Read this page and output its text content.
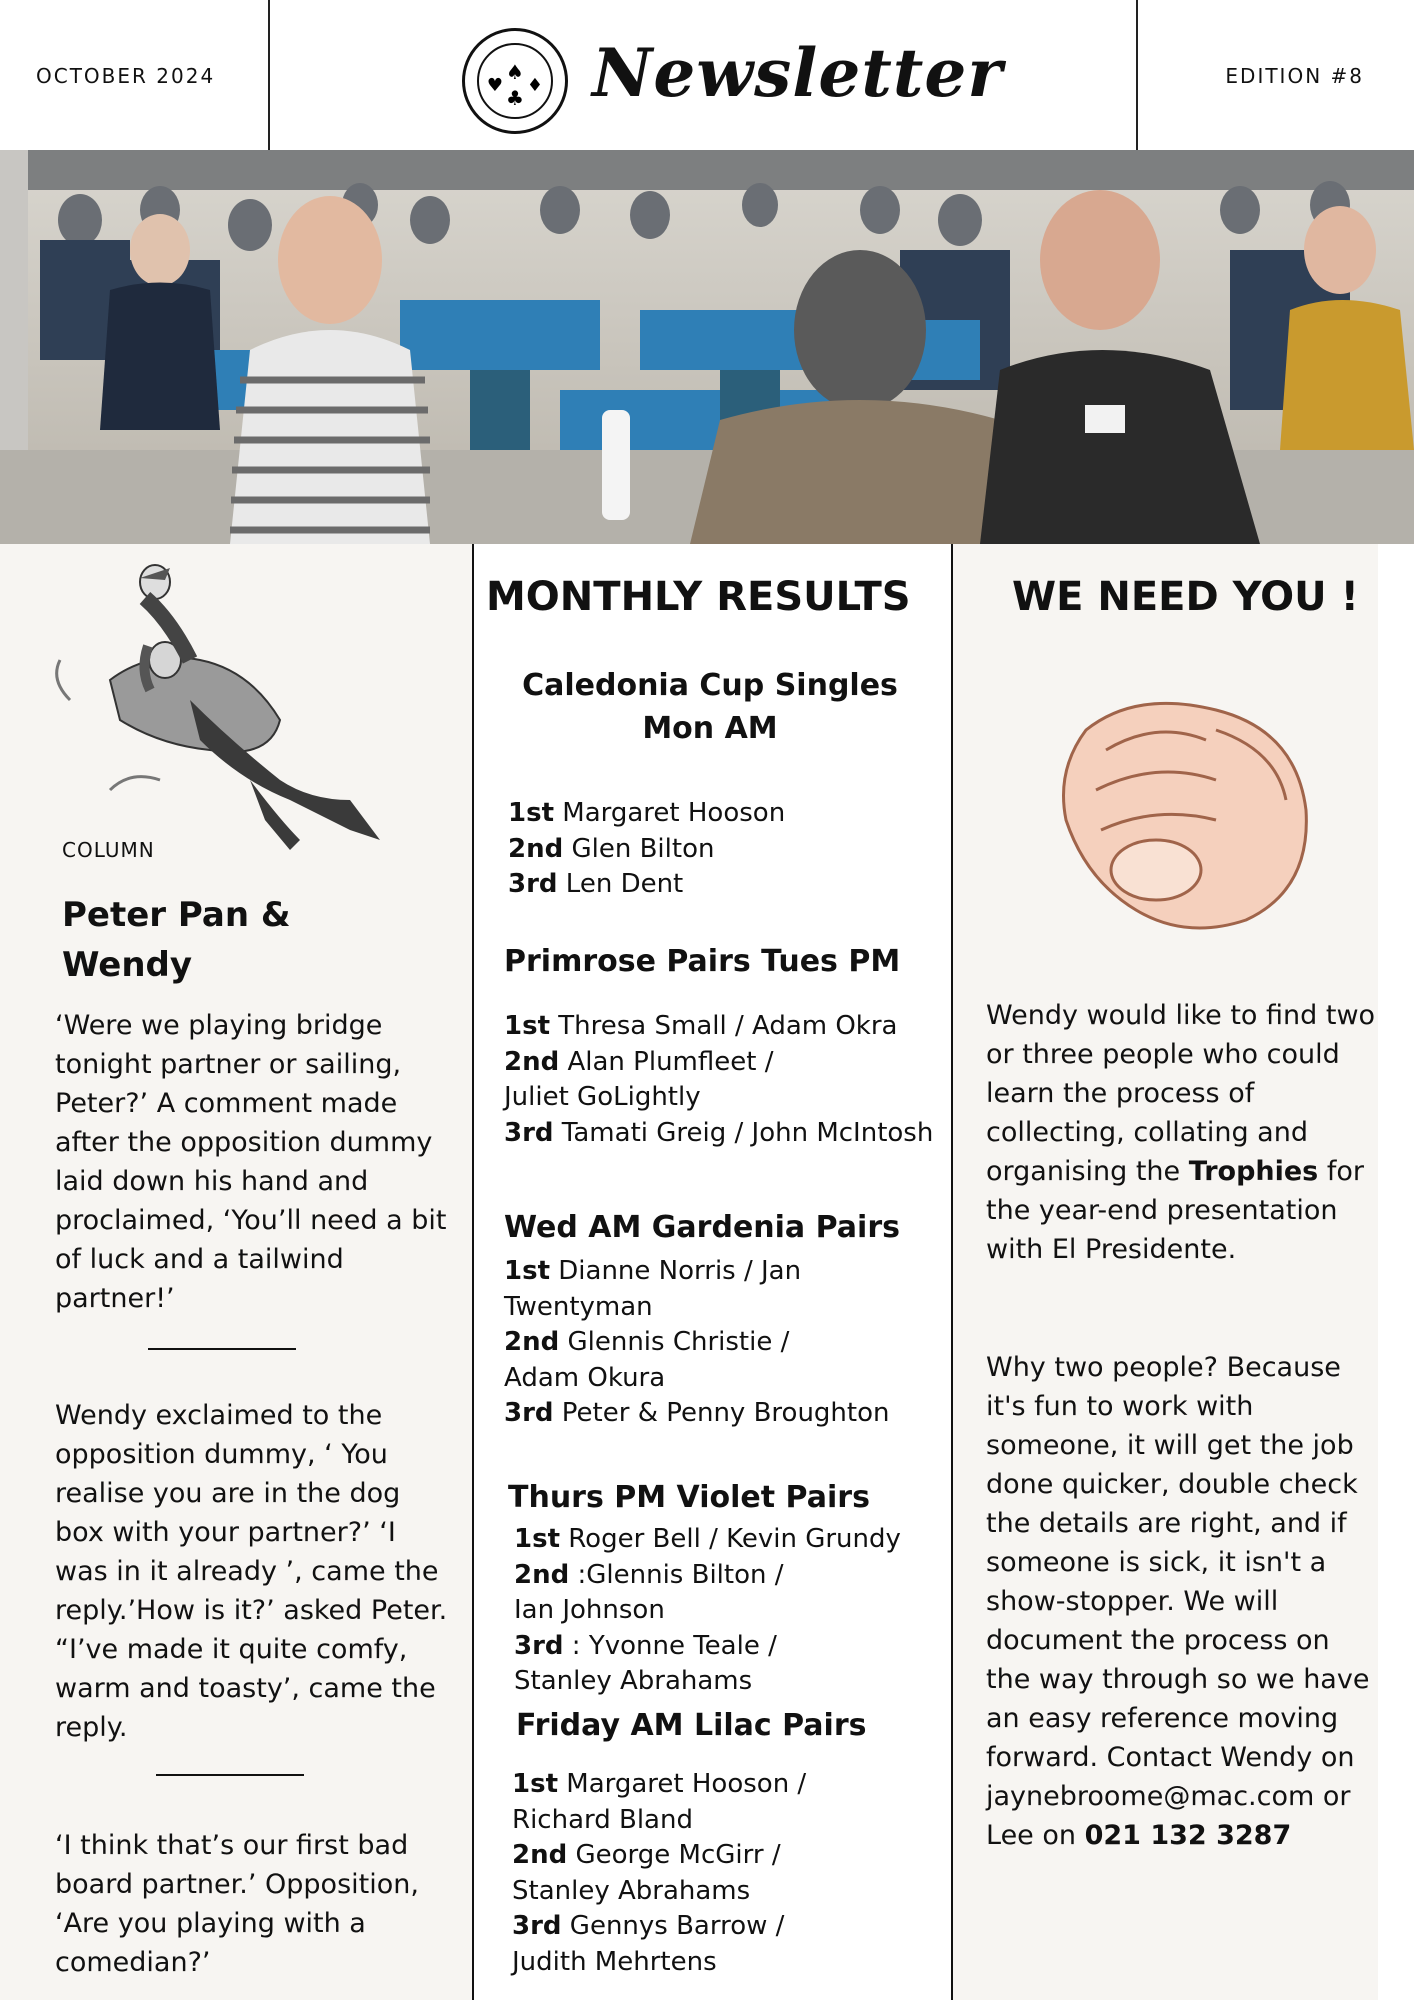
OCTOBER 2024	♠
♥ ♦
♣ Newsletter	EDITION #8
COLUMN
Peter Pan & Wendy
‘Were we playing bridge tonight partner or sailing, Peter?’ A comment made after the opposition dummy laid down his hand and proclaimed, ‘You’ll need a bit of luck and a tailwind partner!’
Wendy exclaimed to the opposition dummy, ‘ You realise you are in the dog box with your partner?’ ‘I was in it already ’, came the reply.’How is it?’ asked Peter. “I’ve made it quite comfy, warm and toasty’, came the reply.
‘I think that’s our first bad board partner.’ Opposition, ‘Are you playing with a comedian?’
MONTHLY RESULTS
Caledonia Cup Singles Mon AM
1st Margaret Hooson
2nd Glen Bilton
3rd Len Dent
Primrose Pairs Tues PM
1st Thresa Small / Adam Okra
2nd Alan Plumfleet /
Juliet GoLightly
3rd Tamati Greig / John McIntosh
Wed AM Gardenia Pairs
1st Dianne Norris / Jan
Twentyman
2nd Glennis Christie /
Adam Okura
3rd Peter & Penny Broughton
Thurs PM Violet Pairs
1st Roger Bell / Kevin Grundy
2nd :Glennis Bilton /
Ian Johnson
3rd : Yvonne Teale /
Stanley Abrahams
Friday AM Lilac Pairs
1st Margaret Hooson /
Richard Bland
2nd George McGirr /
Stanley Abrahams
3rd Gennys Barrow /
Judith Mehrtens
WE NEED YOU !
Wendy would like to find two or three people who could learn the process of collecting, collating and organising the Trophies for the year-end presentation with El Presidente.
Why two people? Because it's fun to work with someone, it will get the job done quicker, double check the details are right, and if someone is sick, it isn't a show-stopper. We will document the process on the way through so we have an easy reference moving forward. Contact Wendy on jaynebroome@mac.com or Lee on 021 132 3287
